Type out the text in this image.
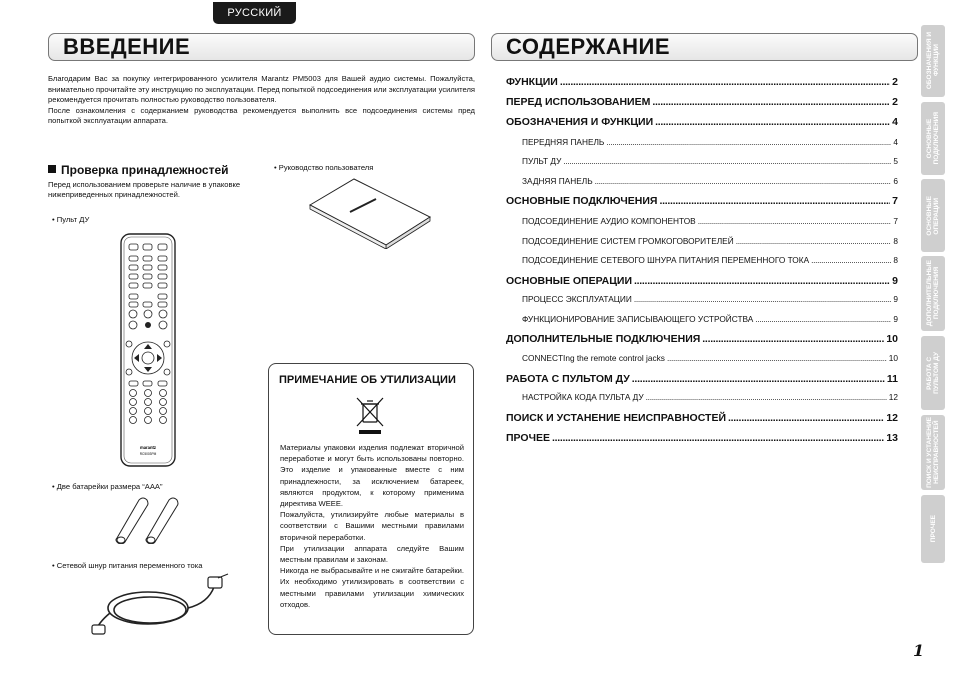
РУССКИЙ
ВВЕДЕНИЕ

Благодарим Вас за покупку интегрированного усилителя Marantz PM5003 для Вашей аудио системы. Пожалуйста, внимательно прочитайте эту инструкцию по эксплуатации. Перед попыткой подсоединения или эксплуатации усилителя рекомендуется прочитать полностью руководство пользователя.

После ознакомления с содержанием руководства рекомендуется выполнить все подсоединения системы пред попыткой эксплуатации аппарата.

Проверка принадлежностей
Перед использованием проверьте наличие в упаковке нижеприведенных принадлежностей.
• Пульт ДУ
• Руководство пользователя
• Две батарейки размера “AAA”
• Сетевой шнур питания переменного тока
marantz
RC5003PM
ПРИМЕЧАНИЕ ОБ УТИЛИЗАЦИИ

Материалы упаковки изделия подлежат вторичной переработке и могут быть использованы повторно. Это изделие и упакованные вместе с ним принадлежности, за исключением батареек, являются продуктом, к которому применима директива WEEE.

Пожалуйста, утилизируйте любые материалы в соответствии с Вашими местными правилами вторичной переработки.

При утилизации аппарата следуйте Вашим местным правилам и законам.

Никогда не выбрасывайте и не сжигайте батарейки. Их необходимо утилизировать в соответствии с местными правилами утилизации химических отходов.

СОДЕРЖАНИЕ
ФУНКЦИИ . . .	2
ПЕРЕД ИСПОЛЬЗОВАНИЕМ . . .	2
ОБОЗНАЧЕНИЯ И ФУНКЦИИ . . .	4
ПЕРЕДНЯЯ ПАНЕЛЬ . . .	4
ПУЛЬТ ДУ . . .	5
ЗАДНЯЯ ПАНЕЛЬ . . .	6
ОСНОВНЫЕ ПОДКЛЮЧЕНИЯ . . .	7
ПОДСОЕДИНЕНИЕ АУДИО КОМПОНЕНТОВ . . .	7
ПОДСОЕДИНЕНИЕ СИСТЕМ ГРОМКОГОВОРИТЕЛЕЙ . . .	8
ПОДСОЕДИНЕНИЕ СЕТЕВОГО ШНУРА ПИТАНИЯ ПЕРЕМЕННОГО ТОКА . . .	8
ОСНОВНЫЕ ОПЕРАЦИИ . . .	9
ПРОЦЕСС ЭКСПЛУАТАЦИИ . . .	9
ФУНКЦИОНИРОВАНИЕ ЗАПИСЫВАЮЩЕГО УСТРОЙСТВА . . .	9
ДОПОЛНИТЕЛЬНЫЕ ПОДКЛЮЧЕНИЯ . . .	10
CONNECTIng the remote control jacks . . .	10
РАБОТА С ПУЛЬТОМ ДУ . . .	11
НАСТРОЙКА КОДА ПУЛЬТА ДУ . . .	12
ПОИСК И УСТАНЕНИЕ НЕИСПРАВНОСТЕЙ . . .	12
ПРОЧЕЕ . . .	13
ОБОЗНАЧЕНИЯ И
ФУНКЦИИ
ОСНОВНЫЕ
ПОДКЛЮЧЕНИЯ
ОСНОВНЫЕ
ОПЕРАЦИИ
ДОПОЛНИТЕЛЬНЫЕ
ПОДКЛЮЧЕНИЯ
РАБОТА С
ПУЛЬТОМ ДУ
ПОИСК И УСТАНЕНИЕ
НЕИСПРАВНОСТЕЙ
ПРОЧЕЕ
1
